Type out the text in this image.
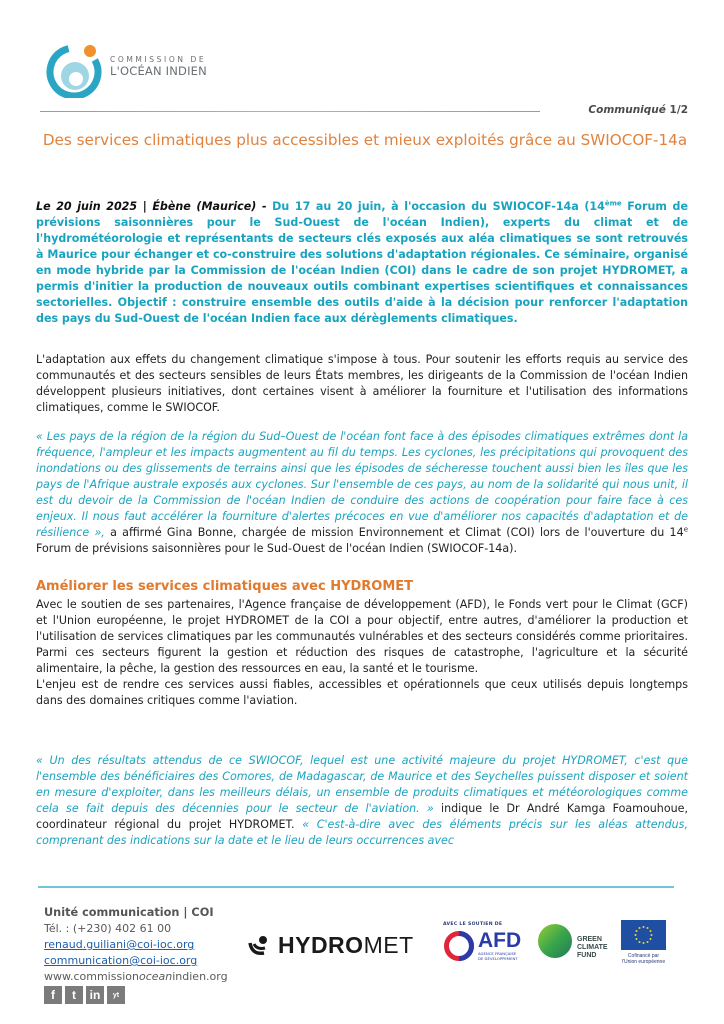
COMMISSION DE
L'OCÉAN INDIEN
Communiqué 1/2
Des services climatiques plus accessibles et mieux exploités grâce au SWIOCOF-14a
Le 20 juin 2025 | Ébène (Maurice) - Du 17 au 20 juin, à l'occasion du SWIOCOF-14a (14ème Forum de prévisions saisonnières pour le Sud-Ouest de l'océan Indien), experts du climat et de l'hydrométéorologie et représentants de secteurs clés exposés aux aléa climatiques se sont retrouvés à Maurice pour échanger et co-construire des solutions d'adaptation régionales. Ce séminaire, organisé en mode hybride par la Commission de l'océan Indien (COI) dans le cadre de son projet HYDROMET, a permis d'initier la production de nouveaux outils combinant expertises scientifiques et connaissances sectorielles. Objectif : construire ensemble des outils d'aide à la décision pour renforcer l'adaptation des pays du Sud-Ouest de l'océan Indien face aux dérèglements climatiques.
L'adaptation aux effets du changement climatique s'impose à tous. Pour soutenir les efforts requis au service des communautés et des secteurs sensibles de leurs États membres, les dirigeants de la Commission de l'océan Indien développent plusieurs initiatives, dont certaines visent à améliorer la fourniture et l'utilisation des informations climatiques, comme le SWIOCOF.
« Les pays de la région de la région du Sud–Ouest de l'océan font face à des épisodes climatiques extrêmes dont la fréquence, l'ampleur et les impacts augmentent au fil du temps. Les cyclones, les précipitations qui provoquent des inondations ou des glissements de terrains ainsi que les épisodes de sécheresse touchent aussi bien les îles que les pays de l'Afrique australe exposés aux cyclones. Sur l'ensemble de ces pays, au nom de la solidarité qui nous unit, il est du devoir de la Commission de l'océan Indien de conduire des actions de coopération pour faire face à ces enjeux. Il nous faut accélérer la fourniture d'alertes précoces en vue d'améliorer nos capacités d'adaptation et de résilience », a affirmé Gina Bonne, chargée de mission Environnement et Climat (COI) lors de l'ouverture du 14e Forum de prévisions saisonnières pour le Sud-Ouest de l'océan Indien (SWIOCOF-14a).
Améliorer les services climatiques avec HYDROMET
Avec le soutien de ses partenaires, l'Agence française de développement (AFD), le Fonds vert pour le Climat (GCF) et l'Union européenne, le projet HYDROMET de la COI a pour objectif, entre autres, d'améliorer la production et l'utilisation de services climatiques par les communautés vulnérables et des secteurs considérés comme prioritaires. Parmi ces secteurs figurent la gestion et réduction des risques de catastrophe, l'agriculture et la sécurité alimentaire, la pêche, la gestion des ressources en eau, la santé et le tourisme.
L'enjeu est de rendre ces services aussi fiables, accessibles et opérationnels que ceux utilisés depuis longtemps dans des domaines critiques comme l'aviation.
« Un des résultats attendus de ce SWIOCOF, lequel est une activité majeure du projet HYDROMET, c'est que l'ensemble des bénéficiaires des Comores, de Madagascar, de Maurice et des Seychelles puissent disposer et soient en mesure d'exploiter, dans les meilleurs délais, un ensemble de produits climatiques et météorologiques comme cela se fait depuis des décennies pour le secteur de l'aviation. » indique le Dr André Kamga Foamouhoue, coordinateur régional du projet HYDROMET. « C'est-à-dire avec des éléments précis sur les aléas attendus, comprenant des indications sur la date et le lieu de leurs occurrences avec
Unité communication | COI
Tél. : (+230) 402 61 00
renaud.guiliani@coi-ioc.org
communication@coi-ioc.org
www.commissionoceanindien.org
f	t	in	yt
HYDROMET
AVEC LE SOUTIEN DE
AFD
AGENCE FRANÇAISE
DE DÉVELOPPEMENT
GREEN
CLIMATE
FUND	Cofinancé par
l'Union européenne
